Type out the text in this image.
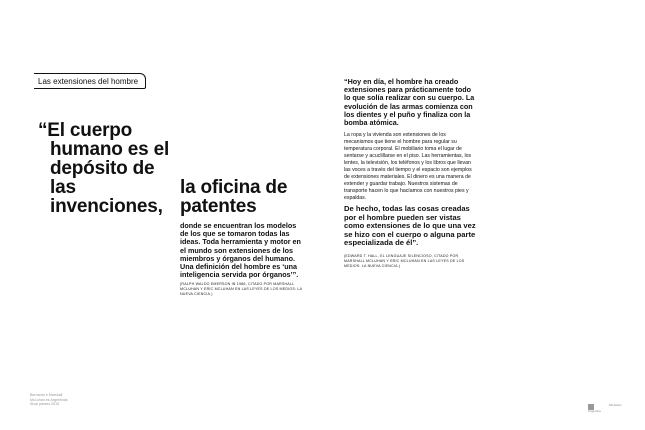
Las extensiones del hombre
“El cuerpo
humano es el
depósito de
las
invenciones,
la oficina de
patentes
donde se encuentran los modelos de los que se tomaron todas las ideas. Toda herramienta y motor en el mundo son extensiones de los miembros y órganos del humano. Una definición del hombre es ‘una inteligencia servida por órganos’”.
(RALPH WALDO EMERSON IN 1986, CITADO POR MARSHALL MCLUHAN Y ERIC MCLUHAN EN LAS LEYES DE LOS MEDIOS: LA NUEVA CIENCIA.)
“Hoy en día, el hombre ha creado extensiones para prácticamente todo lo que solía realizar con su cuerpo. La evolución de las armas comienza con los dientes y el puño y finaliza con la bomba atómica.
La ropa y la vivienda son extensiones de los mecanismos que tiene el hombre para regular su temperatura corporal. El mobiliario toma el lugar de sentarse y acuclillarse en el piso. Las herramientas, los lentes, la televisión, los teléfonos y los libros que llevan las voces a través del tiempo y el espacio son ejemplos de extensiones materiales. El dinero es una manera de extender y guardar trabajo. Nuestros sistemas de transporte hacen lo que hacíamos con nuestros pies y espaldas.
De hecho, todas las cosas creadas por el hombre pueden ser vistas como extensiones de lo que una vez se hizo con el cuerpo o alguna parte especializada de él”.
(EDWARD T. HALL, EL LENGUAJE SILENCIOSO, CITADO POR MARSHALL MCLUHAN Y ERIC MCLUHAN EN LAS LEYES DE LOS MEDIOS: LA NUEVA CIENCIA.)
Bernardo e Marshall
McLuhan es Argentinas
Alvar paraex 2015
Argentina
Ministerio
